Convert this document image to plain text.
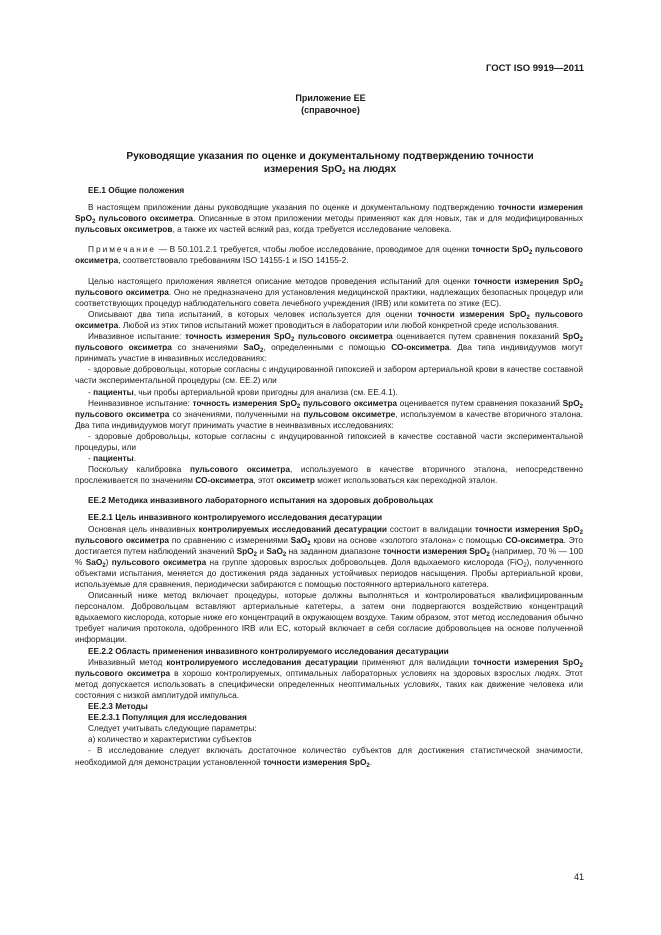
ГОСТ ISO 9919—2011
Приложение ЕЕ
(справочное)
Руководящие указания по оценке и документальному подтверждению точности
измерения SpO$_2$ на людях

ЕЕ.1 Общие положения

В настоящем приложении даны руководящие указания по оценке и документальному подтверждению точности измерения SpO$_2$ пульсового оксиметра. Описанные в этом приложении методы применяют как для новых, так и для модифицированных пульсовых оксиметров, а также их частей всякий раз, когда требуется исследование человека.

Примечание — В 50.101.2.1 требуется, чтобы любое исследование, проводимое для оценки точности SpO$_2$ пульсового оксиметра, соответствовало требованиям ISO 14155-1 и ISO 14155-2.

Целью настоящего приложения является описание методов проведения испытаний для оценки точности измерения SpO$_2$ пульсового оксиметра. Оно не предназначено для установления медицинской практики, надлежащих безопасных процедур или соответствующих процедур наблюдательного совета лечебного учреждения (IRB) или комитета по этике (ЕС).

Описывают два типа испытаний, в которых человек используется для оценки точности измерения SpO$_2$ пульсового оксиметра. Любой из этих типов испытаний может проводиться в лаборатории или любой конкретной среде использования.

Инвазивное испытание: точность измерения SpO$_2$ пульсового оксиметра оценивается путем сравнения показаний SpO$_2$ пульсового оксиметра со значениями SaO$_2$, определенными с помощью СО-оксиметра. Два типа индивидуумов могут принимать участие в инвазивных исследованиях:

- здоровые добровольцы, которые согласны с индуцированной гипоксией и забором артериальной крови в качестве составной части экспериментальной процедуры (см. ЕЕ.2) или

- пациенты, чьи пробы артериальной крови пригодны для анализа (см. ЕЕ.4.1).

Неинвазивное испытание: точность измерения SpO$_2$ пульсового оксиметра оценивается путем сравнения показаний SpO$_2$ пульсового оксиметра со значениями, полученными на пульсовом оксиметре, используемом в качестве вторичного эталона. Два типа индивидуумов могут принимать участие в неинвазивных исследованиях:

- здоровые добровольцы, которые согласны с индуцированной гипоксией в качестве составной части экспериментальной процедуры, или

- пациенты.

Поскольку калибровка пульсового оксиметра, используемого в качестве вторичного эталона, непосредственно прослеживается по значениям СО-оксиметра, этот оксиметр может использоваться как переходной эталон.

ЕЕ.2 Методика инвазивного лабораторного испытания на здоровых добровольцах

ЕЕ.2.1 Цель инвазивного контролируемого исследования десатурации

Основная цель инвазивных контролируемых исследований десатурации состоит в валидации точности измерения SpO$_2$ пульсового оксиметра по сравнению с измерениями SaO$_2$ крови на основе «золотого эталона» с помощью СО-оксиметра. Это достигается путем наблюдений значений SpO$_2$ и SaO$_2$ на заданном диапазоне точности измерения SpO$_2$ (например, 70 % — 100 % SaO$_2$) пульсового оксиметра на группе здоровых взрослых добровольцев. Доля вдыхаемого кислорода (FiO$_2$), полученного объектами испытания, меняется до достижения ряда заданных устойчивых периодов насыщения. Пробы артериальной крови, используемые для сравнения, периодически забираются с помощью постоянного артериального катетера.

Описанный ниже метод включает процедуры, которые должны выполняться и контролироваться квалифицированным персоналом. Добровольцам вставляют артериальные катетеры, а затем они подвергаются воздействию концентраций вдыхаемого кислорода, которые ниже его концентраций в окружающем воздухе. Таким образом, этот метод исследования обычно требует наличия протокола, одобренного IRB или ЕС, который включает в себя согласие добровольцев на основе полученной информации.

ЕЕ.2.2 Область применения инвазивного контролируемого исследования десатурации

Инвазивный метод контролируемого исследования десатурации применяют для валидации точности измерения SpO$_2$ пульсового оксиметра в хорошо контролируемых, оптимальных лабораторных условиях на здоровых взрослых людях. Этот метод допускается использовать в специфически определенных неоптимальных условиях, таких как движение человека или состояния с низкой амплитудой импульса.

ЕЕ.2.3 Методы

ЕЕ.2.3.1 Популяция для исследования

Следует учитывать следующие параметры:

а) количество и характеристики субъектов

- В исследование следует включать достаточное количество субъектов для достижения статистической значимости, необходимой для демонстрации установленной точности измерения SpO$_2$.

41
